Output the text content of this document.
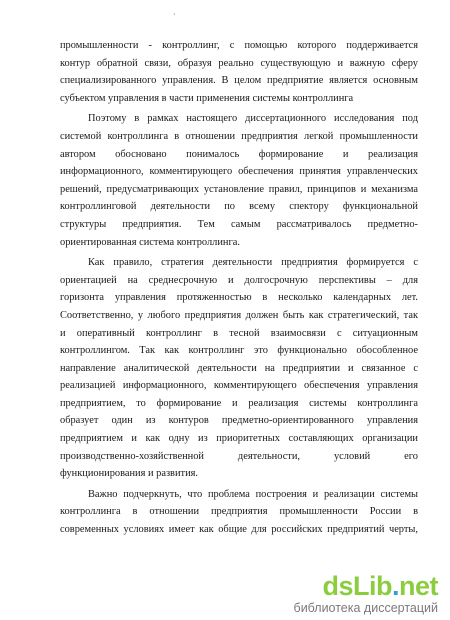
·
промышленности - контроллинг, с помощью которого поддерживается
контур обратной связи, образуя реально существующую и важную сферу
специализированного управления. В целом предприятие является основным
субъектом управления в части применения системы контроллинга
Поэтому в рамках настоящего диссертационного исследования под
системой контроллинга в отношении предприятия легкой промышленности
автором обосновано понималось формирование и реализация
информационного, комментирующего обеспечения принятия управленческих
решений, предусматривающих установление правил, принципов и механизма
контроллинговой деятельности по всему спектору функциональной
структуры предприятия. Тем самым рассматривалось предметно-
ориентированная система контроллинга.
Как правило, стратегия деятельности предприятия формируется с
ориентацией на среднесрочную и долгосрочную перспективы – для
горизонта управления протяженностью в несколько календарных лет.
Соответственно, у любого предприятия должен быть как стратегический, так
и оперативный контроллинг в тесной взаимосвязи с ситуационным
контроллингом. Так как контроллинг это функционально обособленное
направление аналитической деятельности на предприятии и связанное с
реализацией информационного, комментирующего обеспечения управления
предприятием, то формирование и реализация системы контроллинга
образует один из контуров предметно-ориентированного управления
предприятием и как одну из приоритетных составляющих организации
производственно-хозяйственной деятельности, условий его
функционирования и развития.
Важно подчеркнуть, что проблема построения и реализации системы
контроллинга в отношении предприятия промышленности России в
современных условиях имеет как общие для российских предприятий черты,
dsLib.net
библиотека диссертаций
